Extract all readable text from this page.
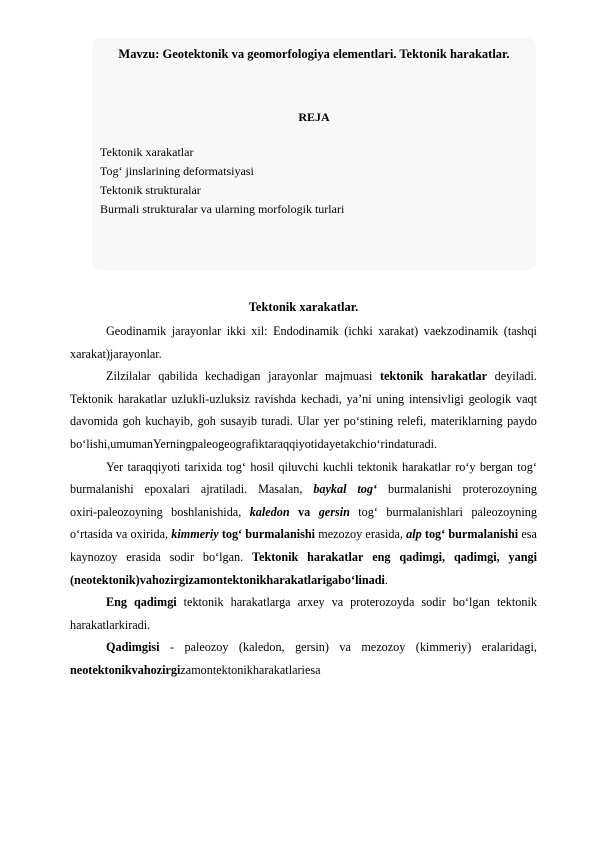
Mavzu: Geotektonik va geomorfologiya elementlari. Tektonik harakatlar.
REJA
Tektonik xarakatlar
Tog‘ jinslarining deformatsiyasi
Tektonik strukturalar
Burmali strukturalar va ularning morfologik turlari
Tektonik xarakatlar.
Geodinamik jarayonlar ikki xil: Endodinamik (ichki xarakat) vaekzodinamik (tashqi
xarakat) jarayonlar.
Zilzilalar qabilida kechadigan jarayonlar majmuasi tektonik harakatlar deyiladi.
Tektonik harakatlar uzlukli-uzluksiz ravishda kechadi, ya’ni uning intensivligi geologik vaqt
davomida goh kuchayib, goh susayib turadi. Ular yer po‘stining relefi, materiklarning paydo
bo‘lishi, umuman Yerning paleogeografik taraqqiyotida yetakchi o‘rinda turadi.
Yer taraqqiyoti tarixida tog‘ hosil qiluvchi kuchli tektonik harakatlar ro‘y bergan tog‘
burmalanishi epoxalari ajratiladi. Masalan, baykal tog‘ burmalanishi proterozoyning
oxiri-paleozoyning boshlanishida, kaledon va gersin tog‘ burmalanishlari paleozoyning
o‘rtasida va oxirida, kimmeriy tog‘ burmalanishi mezozoy erasida, alp tog‘ burmalanishi esa
kaynozoy erasida sodir bo‘lgan. Tektonik harakatlar eng qadimgi, qadimgi, yangi
(neotektonik) va hozirgi zamon tektonik harakatlariga bo‘linadi.
Eng qadimgi tektonik harakatlarga arxey va proterozoyda sodir bo‘lgan tektonik
harakatlar kiradi.
Qadimgisi - paleozoy (kaledon, gersin) va mezozoy (kimmeriy) eralaridagi,
neotektonik va hozirgi zamon tektonik harakatlari esa
